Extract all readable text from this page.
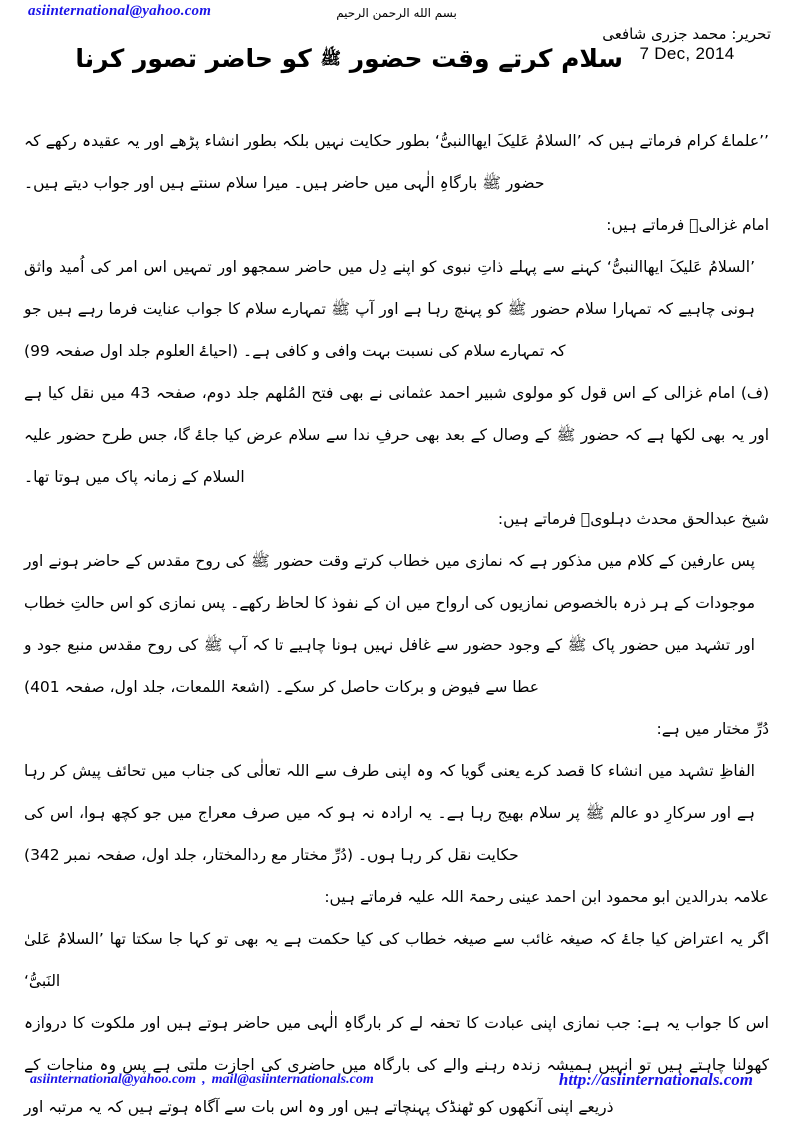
asiinternational@yahoo.com	بسم الله الرحمن الرحيم
تحریر: محمد جزری شافعی
7 Dec, 2014
سلام کرتے وقت حضور ﷺ کو حاضر تصور کرنا

’’علماۓ کرام فرماتے ہیں کہ ’السلامُ عَلیکَ ایھاالنبیُّ‘ بطور حکایت نہیں بلکہ بطور انشاء پڑھے اور یہ عقیدہ رکھے کہ حضور ﷺ بارگاہِ الٰہی میں حاضر ہیں۔ میرا سلام سنتے ہیں اور جواب دیتے ہیں۔

امام غزالیؒ فرماتے ہیں:

’السلامُ عَلیکَ ایھاالنبیُّ‘ کہنے سے پہلے ذاتِ نبوی کو اپنے دِل میں حاضر سمجھو اور تمہیں اس امر کی اُمید واثق ہونی چاہیے کہ تمہارا سلام حضور ﷺ کو پہنچ رہا ہے اور آپ ﷺ تمہارے سلام کا جواب عنایت فرما رہے ہیں جو کہ تمہارے سلام کی نسبت بہت وافی و کافی ہے۔ (احیاۓ العلوم جلد اول صفحہ 99)

(ف) امام غزالی کے اس قول کو مولوی شبیر احمد عثمانی نے بھی فتح المُلھم جلد دوم، صفحہ 43 میں نقل کیا ہے اور یہ بھی لکھا ہے کہ حضور ﷺ کے وصال کے بعد بھی حرفِ ندا سے سلام عرض کیا جاۓ گا، جس طرح حضور علیہ السلام کے زمانہ پاک میں ہوتا تھا۔

شیخ عبدالحق محدث دہلویؒ فرماتے ہیں:

پس عارفین کے کلام میں مذکور ہے کہ نمازی میں خطاب کرتے وقت حضور ﷺ کی روح مقدس کے حاضر ہونے اور موجودات کے ہر ذرہ بالخصوص نمازیوں کی ارواح میں ان کے نفوذ کا لحاظ رکھے۔ پس نمازی کو اس حالتِ خطاب اور تشہد میں حضور پاک ﷺ کے وجود حضور سے غافل نہیں ہونا چاہیے تا کہ آپ ﷺ کی روح مقدس منبع جود و عطا سے فیوض و برکات حاصل کر سکے۔ (اشعۃ اللمعات، جلد اول، صفحہ 401)

دُرِّ مختار میں ہے:

الفاظِ تشہد میں انشاء کا قصد کرے یعنی گویا کہ وہ اپنی طرف سے اللہ تعالٰی کی جناب میں تحائف پیش کر رہا ہے اور سرکارِ دو عالم ﷺ پر سلام بھیج رہا ہے۔ یہ ارادہ نہ ہو کہ میں صرف معراج میں جو کچھ ہوا، اس کی حکایت نقل کر رہا ہوں۔ (دُرِّ مختار مع ردالمختار، جلد اول، صفحہ نمبر 342)

علامہ بدرالدین ابو محمود ابن احمد عینی رحمۃ اللہ علیہ فرماتے ہیں:

اگر یہ اعتراض کیا جاۓ کہ صیغہ غائب سے صیغہ خطاب کی کیا حکمت ہے یہ بھی تو کہا جا سکتا تھا ’السلامُ عَلیٰ النَبیُّ‘

اس کا جواب یہ ہے: جب نمازی اپنی عبادت کا تحفہ لے کر بارگاہِ الٰہی میں حاضر ہوتے ہیں اور ملکوت کا دروازہ کھولنا چاہتے ہیں تو انہیں ہمیشہ زندہ رہنے والے کی بارگاہ میں حاضری کی اجازت ملتی ہے پس وہ مناجات کے ذریعے اپنی آنکھوں کو ٹھنڈک پہنچاتے ہیں اور وہ اس بات سے آگاہ ہوتے ہیں کہ یہ مرتبہ اور

asiinternational@yahoo.com , mail@asiinternationals.com	http://asiinternationals.com
